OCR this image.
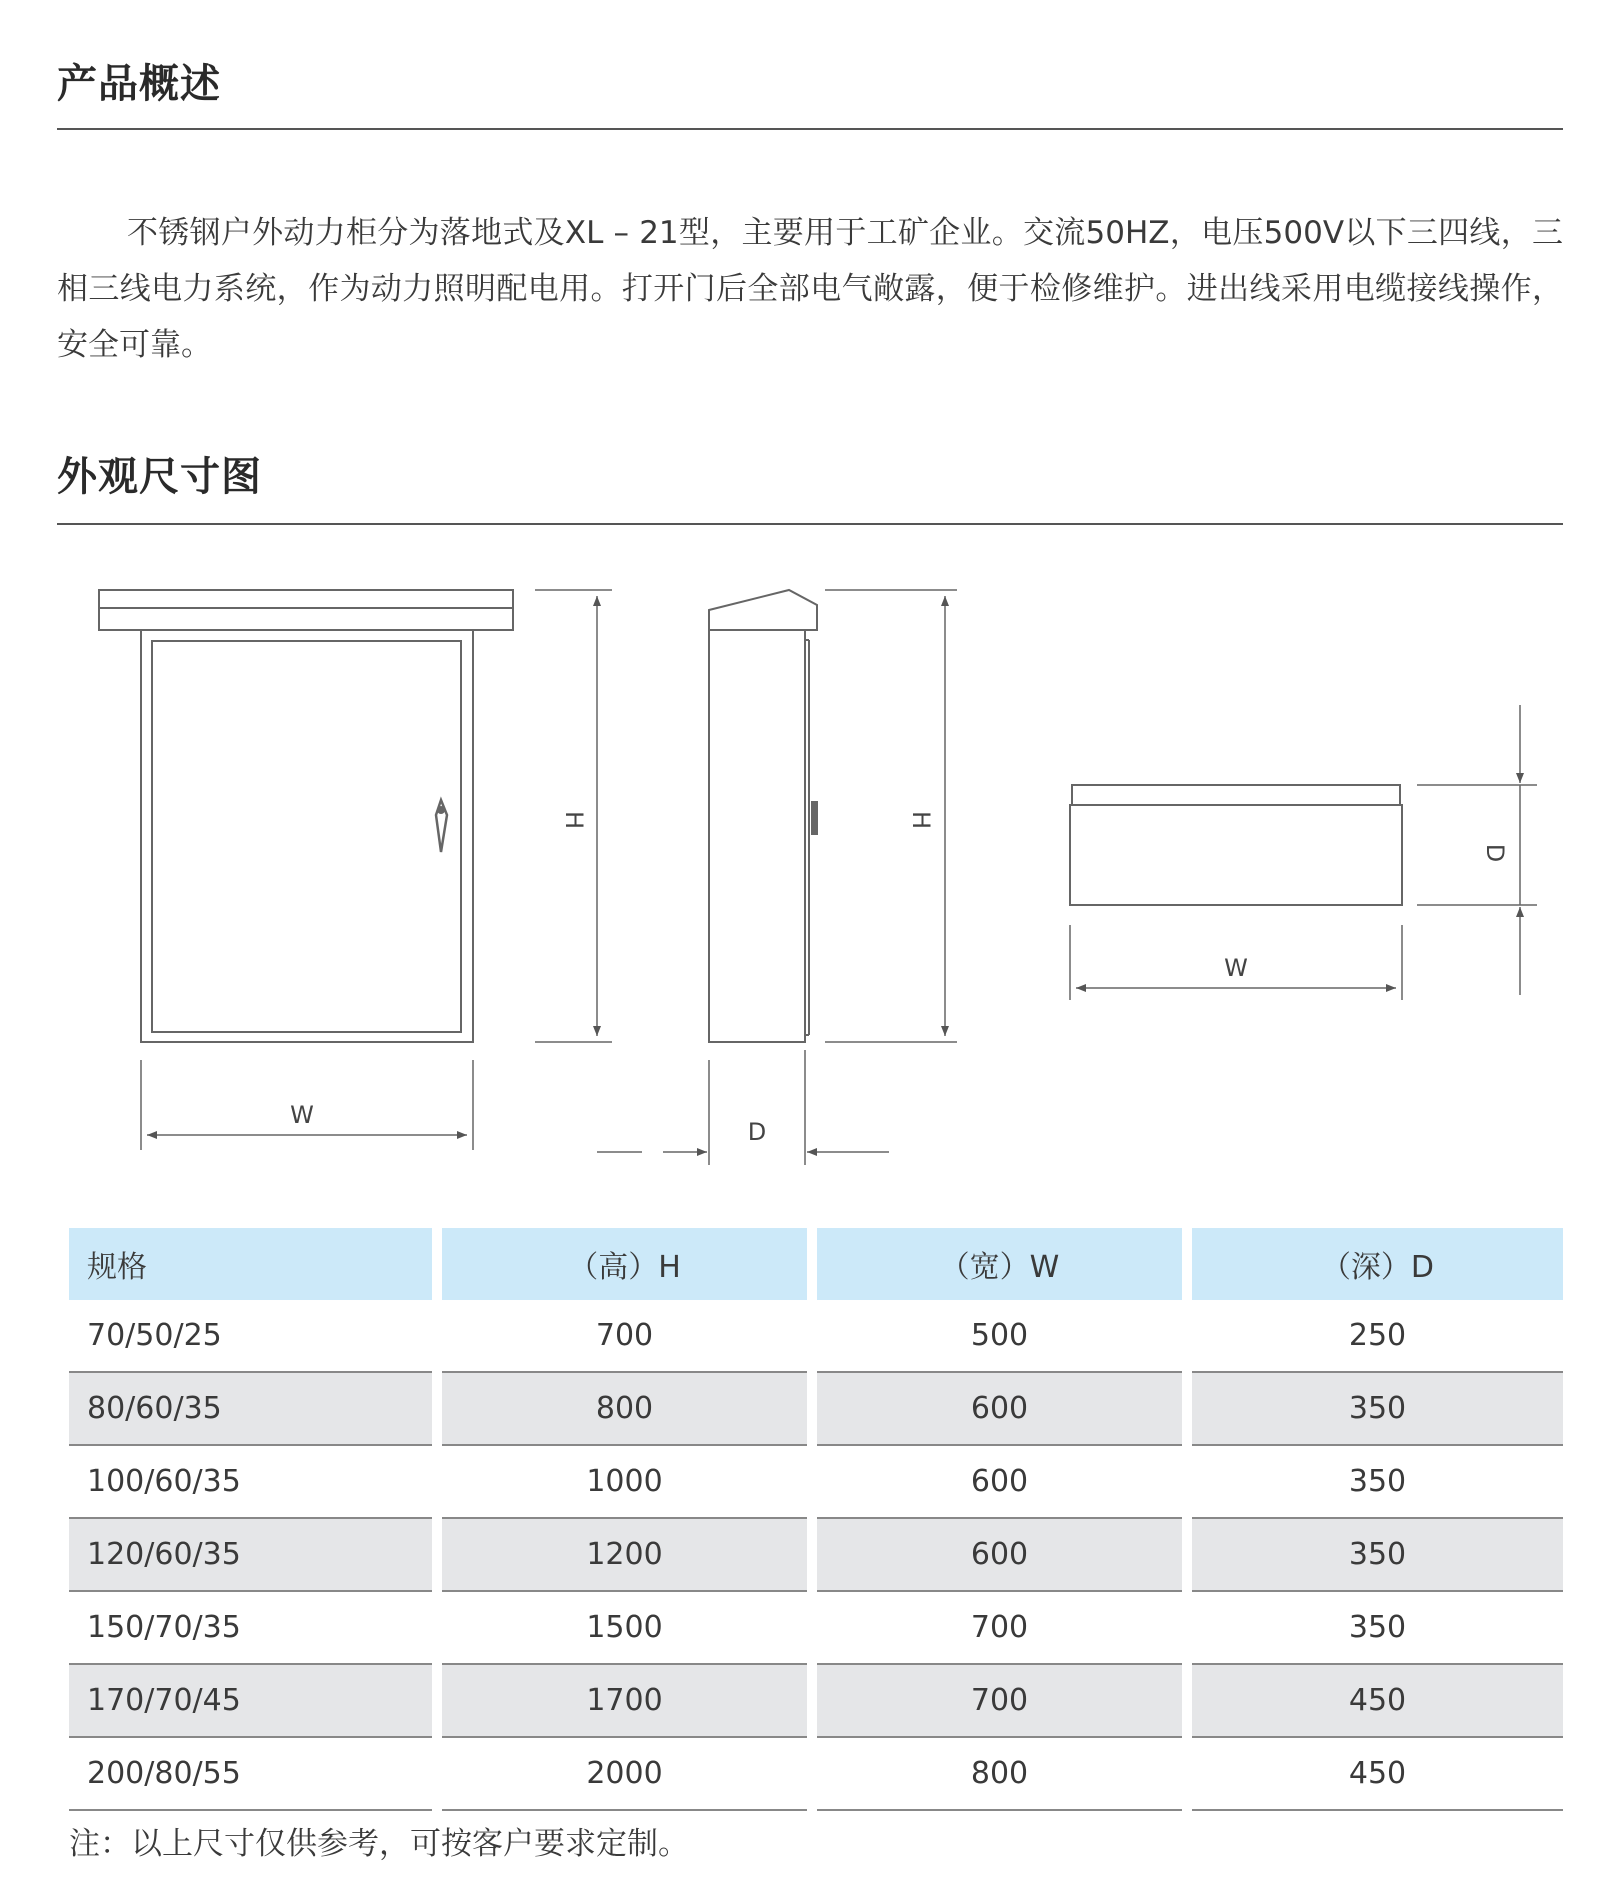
产品概述

不锈钢户外动力柜分为落地式及XL – 21型，主要用于工矿企业。交流50HZ，电压500V以下三四线，三相三线电力系统，作为动力照明配电用。打开门后全部电气敞露，便于检修维护。进出线采用电缆接线操作，安全可靠。

外观尺寸图
H
W
H
D
D
W
规格	（高）H	（宽）W	（深）D
70/50/25	700	500	250
80/60/35	800	600	350
100/60/35	1000	600	350
120/60/35	1200	600	350
150/70/35	1500	700	350
170/70/45	1700	700	450
200/80/55	2000	800	450

注：以上尺寸仅供参考，可按客户要求定制。
